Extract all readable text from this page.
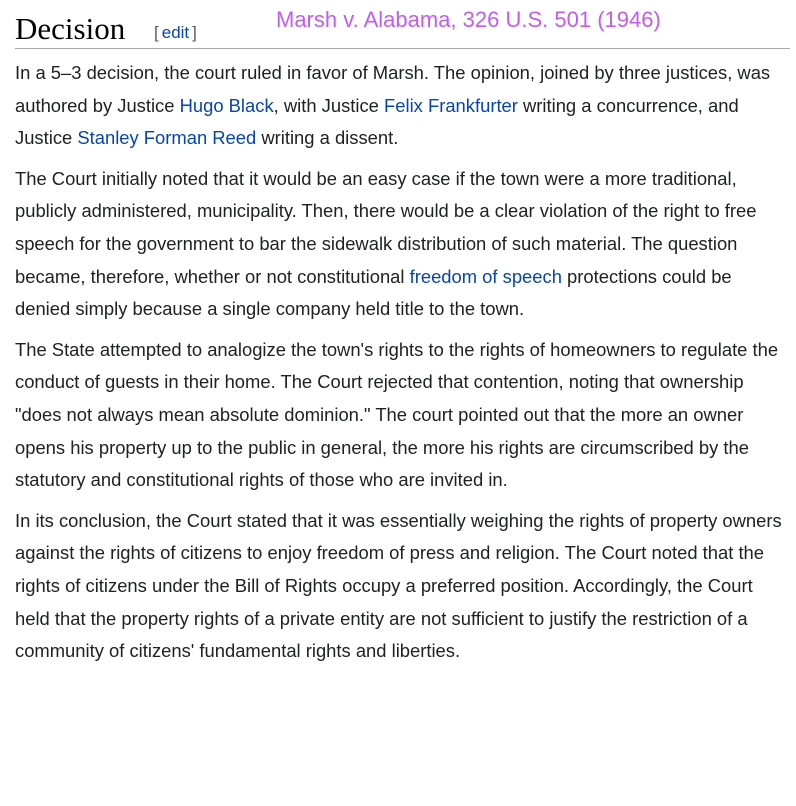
Decision [ edit ]
Marsh v. Alabama, 326 U.S. 501 (1946)

In a 5–3 decision, the court ruled in favor of Marsh. The opinion, joined by three justices, was authored by Justice Hugo Black, with Justice Felix Frankfurter writing a concurrence, and Justice Stanley Forman Reed writing a dissent.

The Court initially noted that it would be an easy case if the town were a more traditional, publicly administered, municipality. Then, there would be a clear violation of the right to free speech for the government to bar the sidewalk distribution of such material. The question became, therefore, whether or not constitutional freedom of speech protections could be denied simply because a single company held title to the town.

The State attempted to analogize the town's rights to the rights of homeowners to regulate the conduct of guests in their home. The Court rejected that contention, noting that ownership "does not always mean absolute dominion." The court pointed out that the more an owner opens his property up to the public in general, the more his rights are circumscribed by the statutory and constitutional rights of those who are invited in.

In its conclusion, the Court stated that it was essentially weighing the rights of property owners against the rights of citizens to enjoy freedom of press and religion. The Court noted that the rights of citizens under the Bill of Rights occupy a preferred position. Accordingly, the Court held that the property rights of a private entity are not sufficient to justify the restriction of a community of citizens' fundamental rights and liberties.
